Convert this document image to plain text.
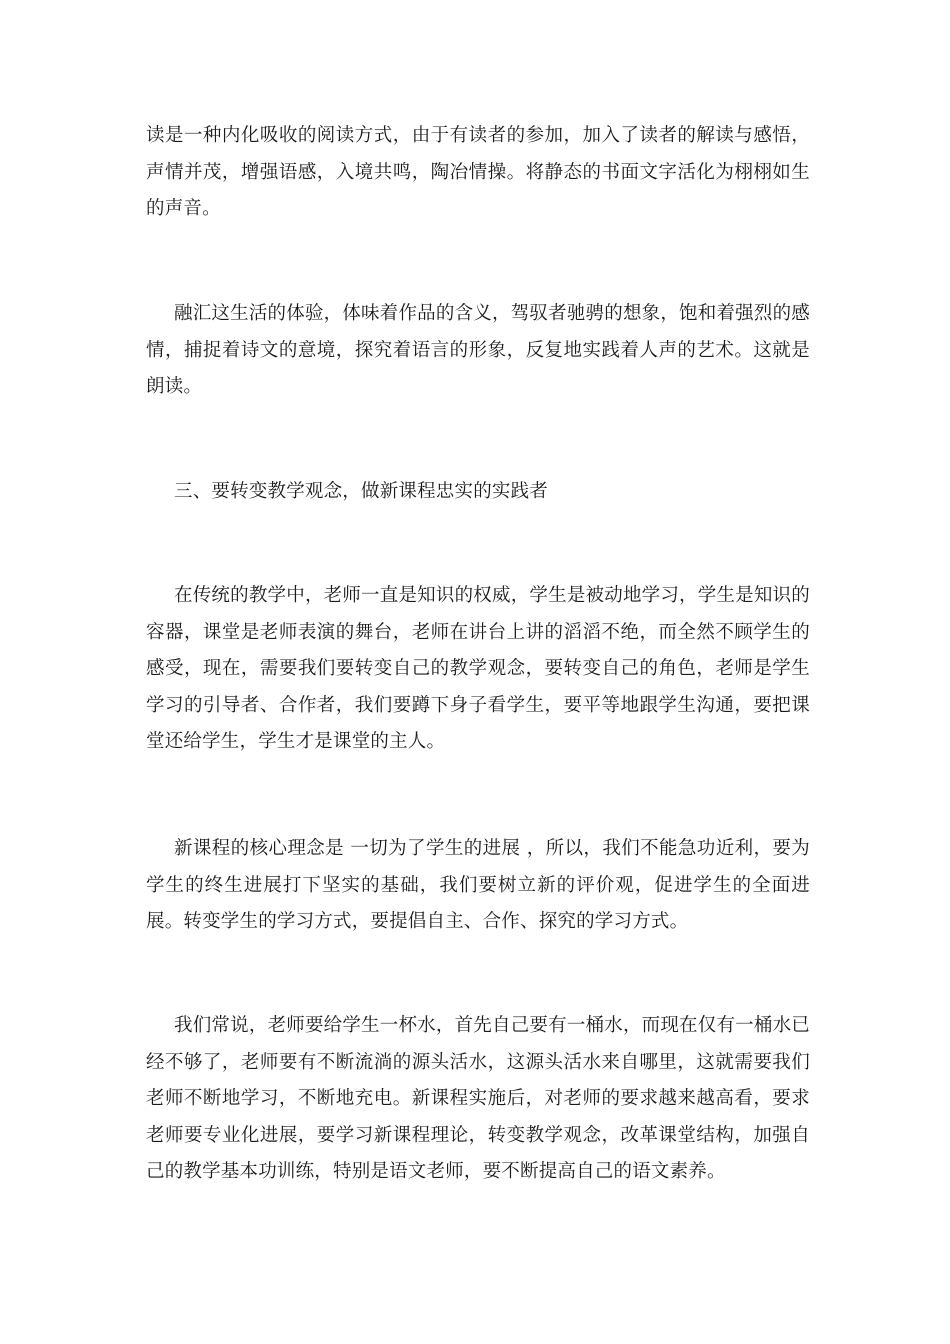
读是一种内化吸收的阅读方式，由于有读者的参加，加入了读者的解读与感悟，声情并茂，增强语感，入境共鸣，陶冶情操。将静态的书面文字活化为栩栩如生的声音。

融汇这生活的体验，体味着作品的含义，驾驭者驰骋的想象，饱和着强烈的感情，捕捉着诗文的意境，探究着语言的形象，反复地实践着人声的艺术。这就是朗读。

三、要转变教学观念，做新课程忠实的实践者

在传统的教学中，老师一直是知识的权威，学生是被动地学习，学生是知识的容器，课堂是老师表演的舞台，老师在讲台上讲的滔滔不绝，而全然不顾学生的感受，现在，需要我们要转变自己的教学观念，要转变自己的角色，老师是学生学习的引导者、合作者，我们要蹲下身子看学生，要平等地跟学生沟通，要把课堂还给学生，学生才是课堂的主人。

新课程的核心理念是 一切为了学生的进展 ，所以，我们不能急功近利，要为学生的终生进展打下坚实的基础，我们要树立新的评价观，促进学生的全面进展。转变学生的学习方式，要提倡自主、合作、探究的学习方式。

我们常说，老师要给学生一杯水，首先自己要有一桶水，而现在仅有一桶水已经不够了，老师要有不断流淌的源头活水，这源头活水来自哪里，这就需要我们老师不断地学习，不断地充电。新课程实施后，对老师的要求越来越高看，要求老师要专业化进展，要学习新课程理论，转变教学观念，改革课堂结构，加强自己的教学基本功训练，特别是语文老师，要不断提高自己的语文素养。
